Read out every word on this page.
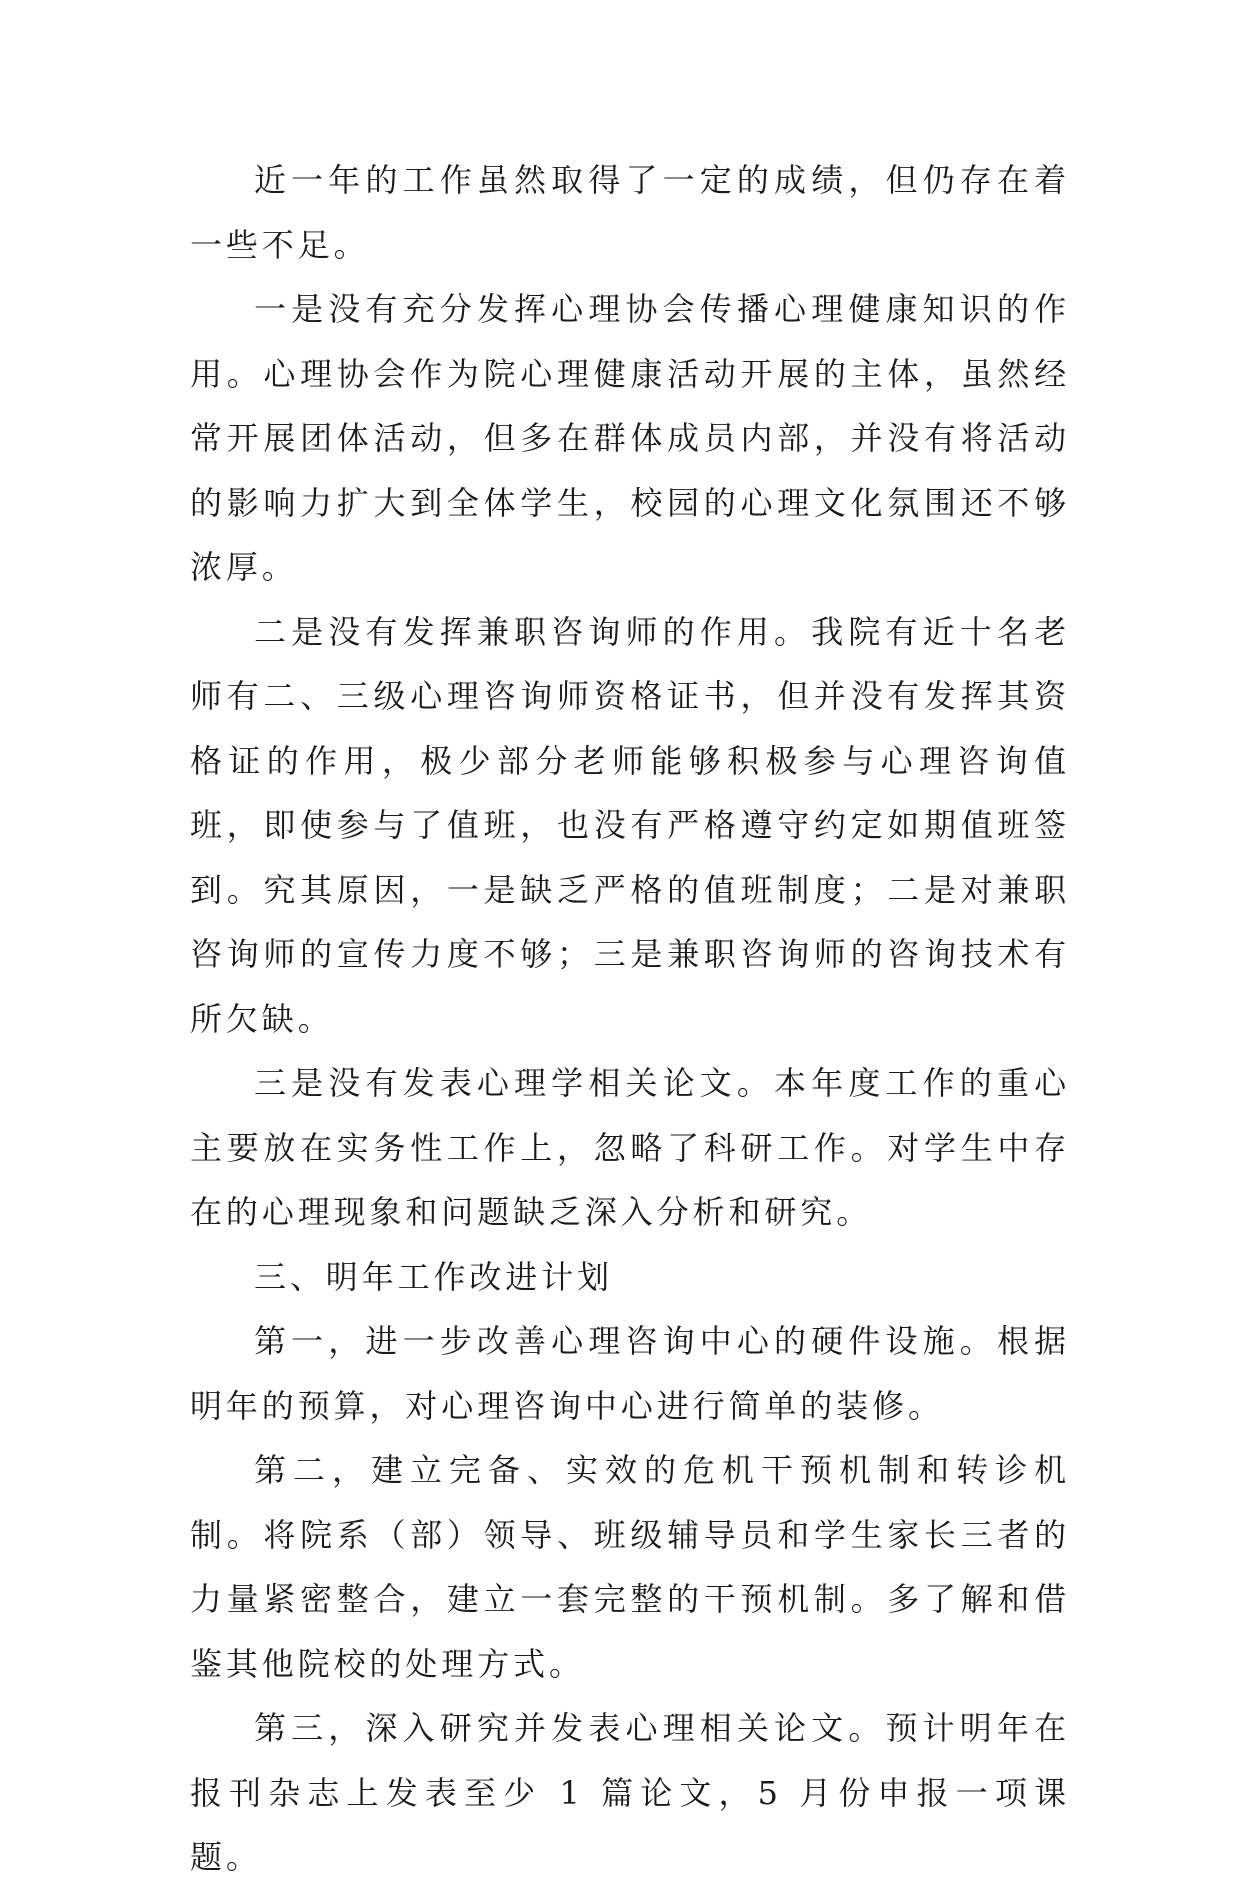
近一年的工作虽然取得了一定的成绩，但仍存在着一些不足。

一是没有充分发挥心理协会传播心理健康知识的作用。心理协会作为院心理健康活动开展的主体，虽然经常开展团体活动，但多在群体成员内部，并没有将活动的影响力扩大到全体学生，校园的心理文化氛围还不够浓厚。

二是没有发挥兼职咨询师的作用。我院有近十名老师有二、三级心理咨询师资格证书，但并没有发挥其资格证的作用，极少部分老师能够积极参与心理咨询值班，即使参与了值班，也没有严格遵守约定如期值班签到。究其原因，一是缺乏严格的值班制度；二是对兼职咨询师的宣传力度不够；三是兼职咨询师的咨询技术有所欠缺。

三是没有发表心理学相关论文。本年度工作的重心主要放在实务性工作上，忽略了科研工作。对学生中存在的心理现象和问题缺乏深入分析和研究。

三、明年工作改进计划

第一，进一步改善心理咨询中心的硬件设施。根据明年的预算，对心理咨询中心进行简单的装修。

第二，建立完备、实效的危机干预机制和转诊机制。将院系（部）领导、班级辅导员和学生家长三者的力量紧密整合，建立一套完整的干预机制。多了解和借鉴其他院校的处理方式。

第三，深入研究并发表心理相关论文。预计明年在报刊杂志上发表至少 1 篇论文，5 月份申报一项课题。
